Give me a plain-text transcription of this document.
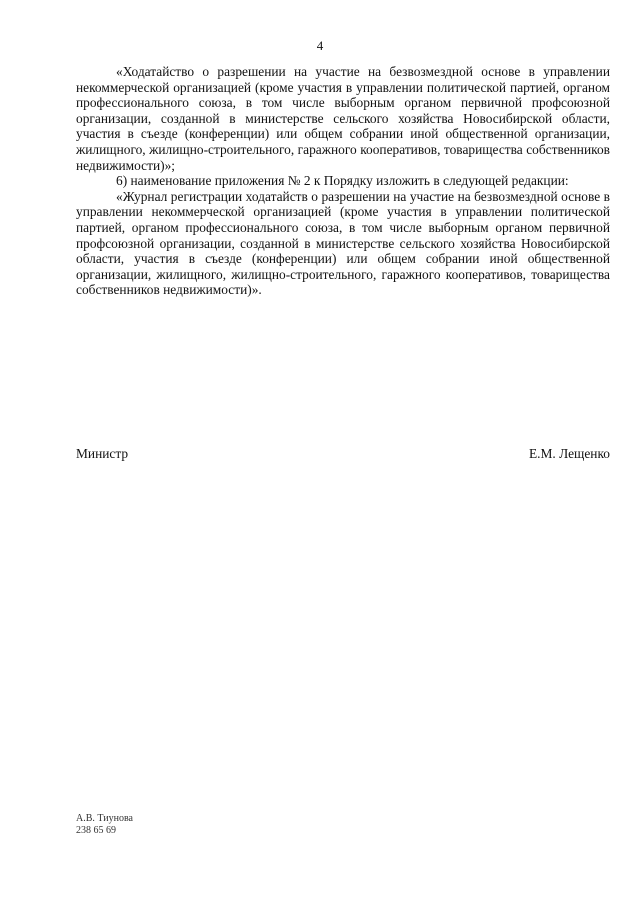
4

«Ходатайство о разрешении на участие на безвозмездной основе в управлении некоммерческой организацией (кроме участия в управлении политической партией, органом профессионального союза, в том числе выборным органом первичной профсоюзной организации, созданной в министерстве сельского хозяйства Новосибирской области, участия в съезде (конференции) или общем собрании иной общественной организации, жилищного, жилищно-строительного, гаражного кооперативов, товарищества собственников недвижимости)»;

6) наименование приложения № 2 к Порядку изложить в следующей редакции:

«Журнал регистрации ходатайств о разрешении на участие на безвозмездной основе в управлении некоммерческой организацией (кроме участия в управлении политической партией, органом профессионального союза, в том числе выборным органом первичной профсоюзной организации, созданной в министерстве сельского хозяйства Новосибирской области, участия в съезде (конференции) или общем собрании иной общественной организации, жилищного, жилищно-строительного, гаражного кооперативов, товарищества собственников недвижимости)».

Министр	Е.М. Лещенко
А.В. Тиунова
238 65 69
